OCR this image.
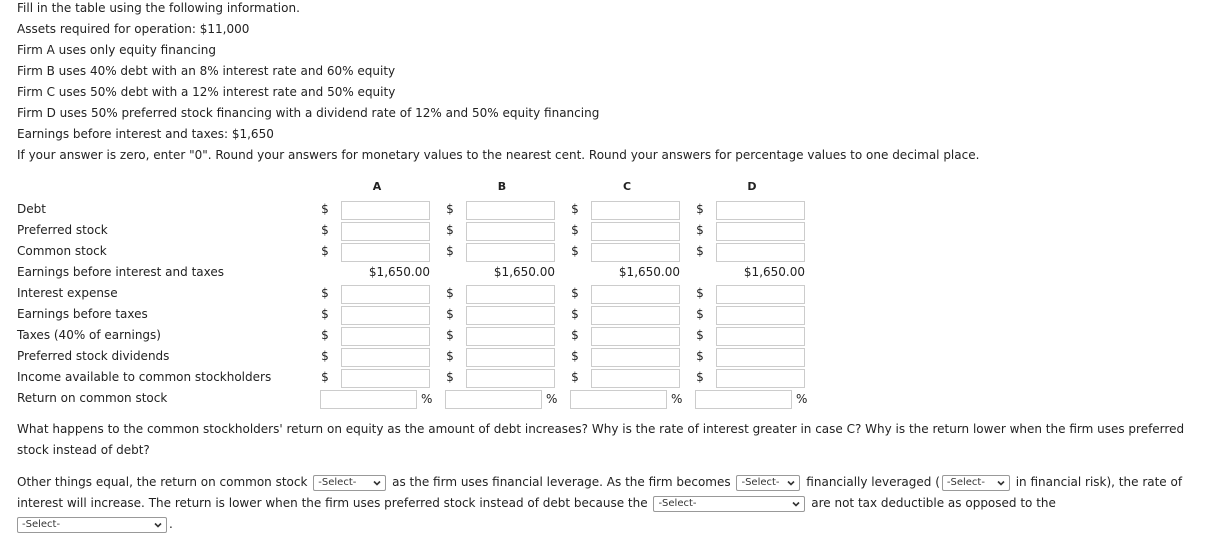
Fill in the table using the following information.
Assets required for operation: $11,000
Firm A uses only equity financing
Firm B uses 40% debt with an 8% interest rate and 60% equity
Firm C uses 50% debt with a 12% interest rate and 50% equity
Firm D uses 50% preferred stock financing with a dividend rate of 12% and 50% equity financing
Earnings before interest and taxes: $1,650
If your answer is zero, enter "0". Round your answers for monetary values to the nearest cent. Round your answers for percentage values to one decimal place.
A	B	C	D
Debt	$	$	$	$
Preferred stock	$	$	$	$
Common stock	$	$	$	$
Earnings before interest and taxes	$1,650.00	$1,650.00	$1,650.00	$1,650.00
Interest expense	$	$	$	$
Earnings before taxes	$	$	$	$
Taxes (40% of earnings)	$	$	$	$
Preferred stock dividends	$	$	$	$
Income available to common stockholders	$	$	$	$
Return on common stock	%	%	%	%
What happens to the common stockholders' return on equity as the amount of debt increases? Why is the rate of interest greater in case C? Why is the return lower when the firm uses preferred stock instead of debt?
Other things equal, the return on common stock -Select-	as the firm uses financial leverage. As the firm becomes -Select- financially leveraged ( -Select-	in financial risk), the rate of interest will increase. The return is lower when the firm uses preferred stock instead of debt because the -Select-	are not tax deductible as opposed to the

-Select-	.
